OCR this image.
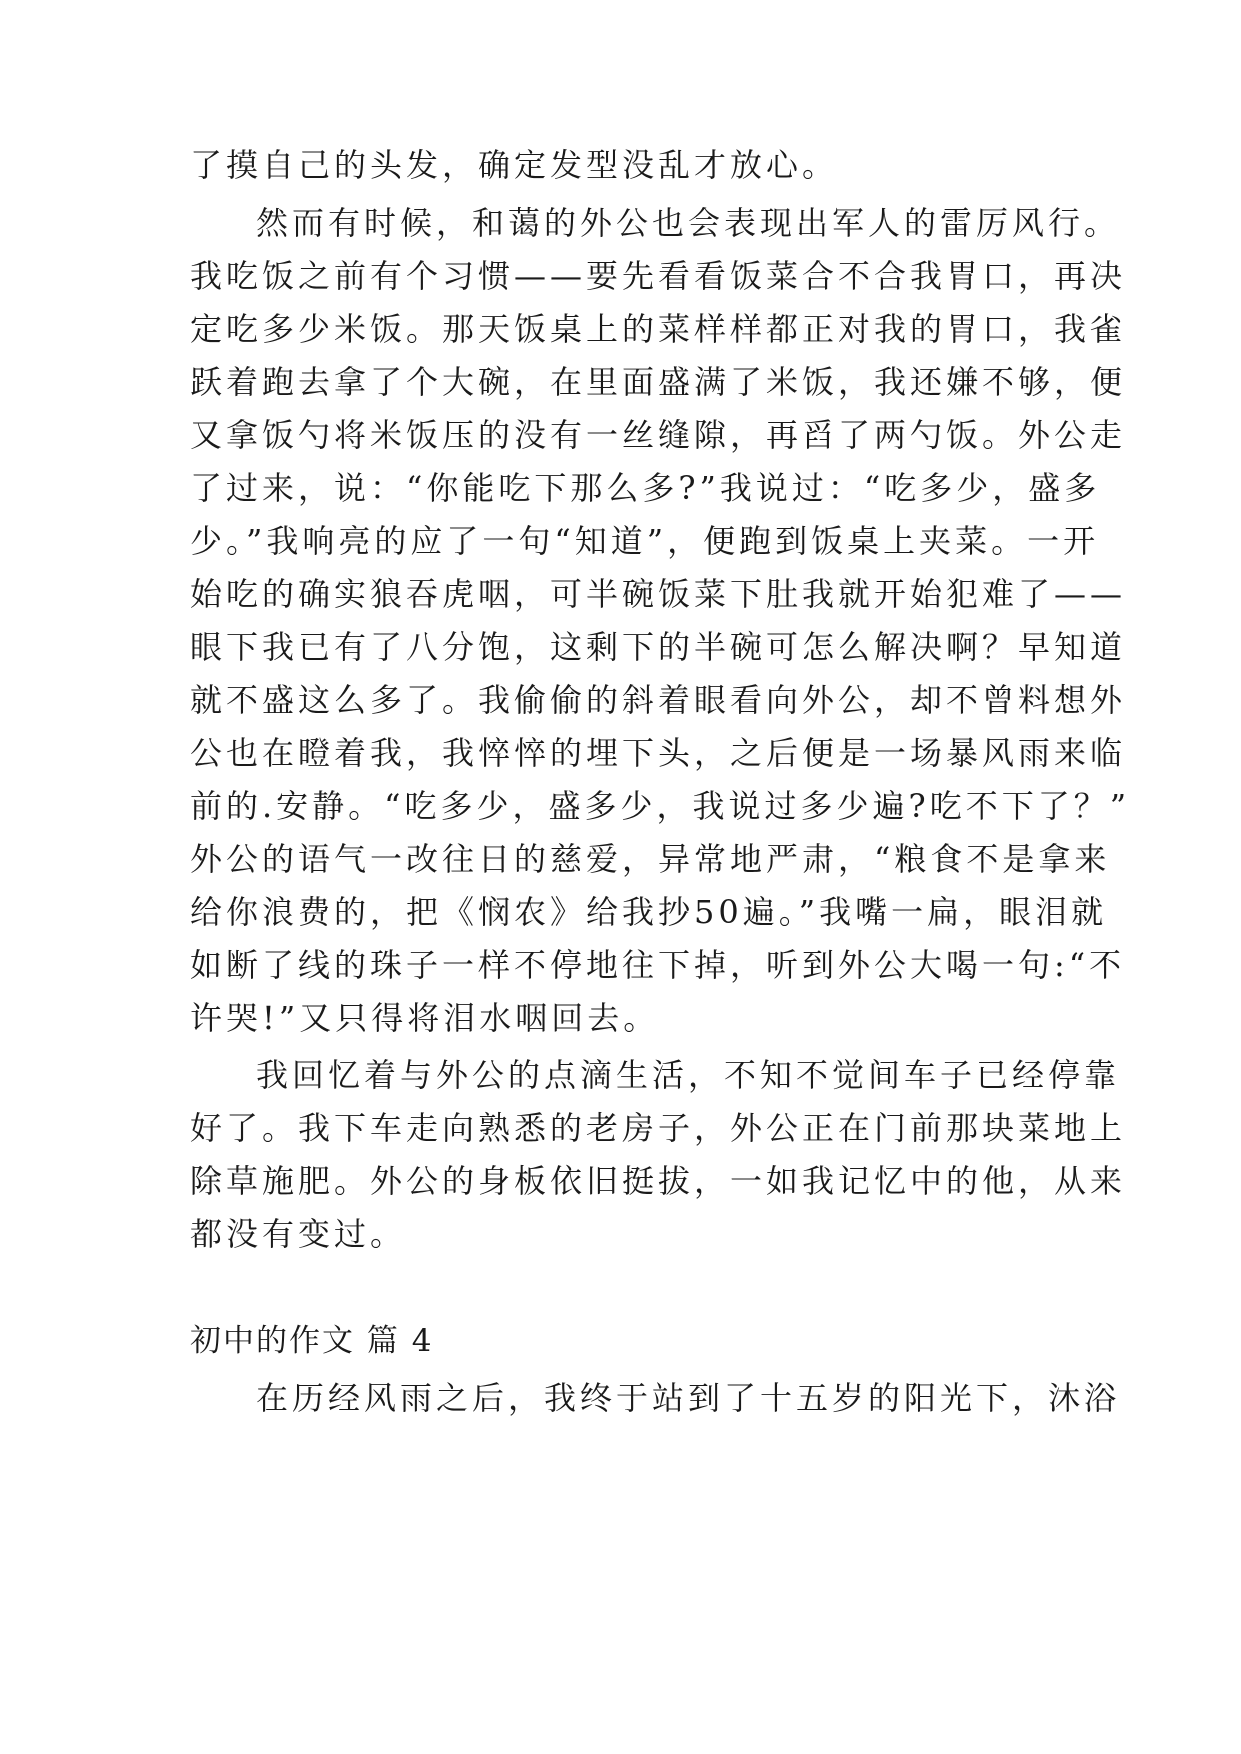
了摸自己的头发，确定发型没乱才放心。
然而有时候，和蔼的外公也会表现出军人的雷厉风行。
我吃饭之前有个习惯——要先看看饭菜合不合我胃口，再决
定吃多少米饭。那天饭桌上的菜样样都正对我的胃口，我雀
跃着跑去拿了个大碗，在里面盛满了米饭，我还嫌不够，便
又拿饭勺将米饭压的没有一丝缝隙，再舀了两勺饭。外公走
了过来，说：“你能吃下那么多?”我说过：“吃多少，盛多
少。”我响亮的应了一句“知道”，便跑到饭桌上夹菜。一开
始吃的确实狼吞虎咽，可半碗饭菜下肚我就开始犯难了——
眼下我已有了八分饱，这剩下的半碗可怎么解决啊？早知道
就不盛这么多了。我偷偷的斜着眼看向外公，却不曾料想外
公也在瞪着我，我悴悴的埋下头，之后便是一场暴风雨来临
前的.安静。“吃多少，盛多少，我说过多少遍?吃不下了？”
外公的语气一改往日的慈爱，异常地严肃，“粮食不是拿来
给你浪费的，把《悯农》给我抄50遍。”我嘴一扁，眼泪就
如断了线的珠子一样不停地往下掉，听到外公大喝一句:“不
许哭!”又只得将泪水咽回去。
我回忆着与外公的点滴生活，不知不觉间车子已经停靠
好了。我下车走向熟悉的老房子，外公正在门前那块菜地上
除草施肥。外公的身板依旧挺拔，一如我记忆中的他，从来
都没有变过。
初中的作文 篇 4
在历经风雨之后，我终于站到了十五岁的阳光下，沐浴
